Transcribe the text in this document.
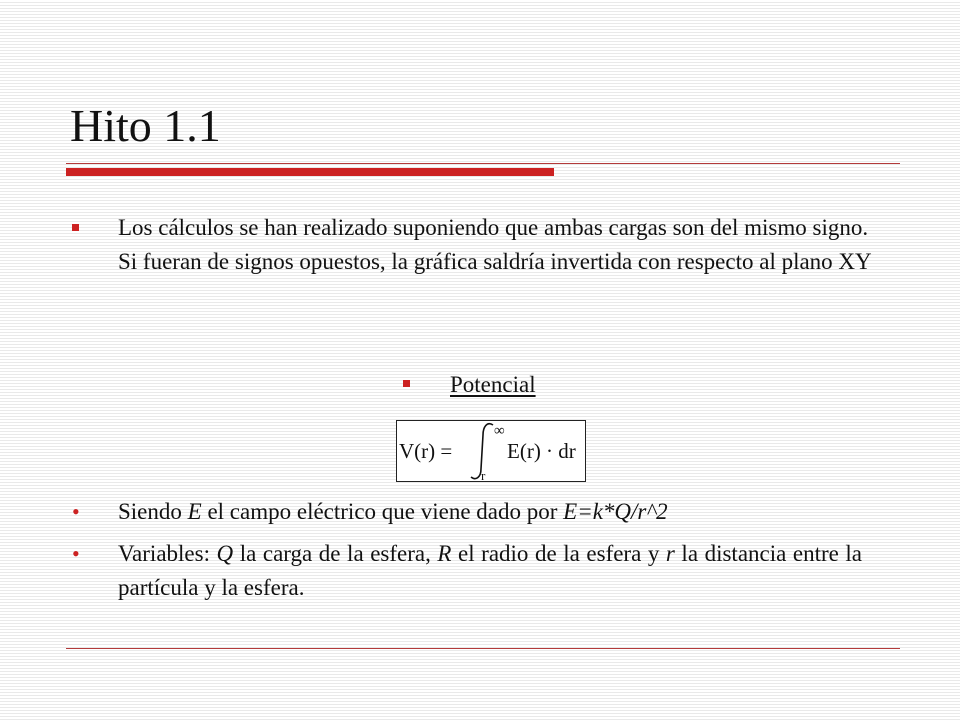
Hito 1.1
Los cálculos se han realizado suponiendo que ambas cargas son del mismo signo. Si fueran de signos opuestos, la gráfica saldría invertida con respecto al plano XY
Potencial
V(r) =
∞
r
E(r) · dr
• Siendo E el campo eléctrico que viene dado por E=k*Q/r^2
• Variables: Q la carga de la esfera, R el radio de la esfera y r la distancia entre la partícula y la esfera.
